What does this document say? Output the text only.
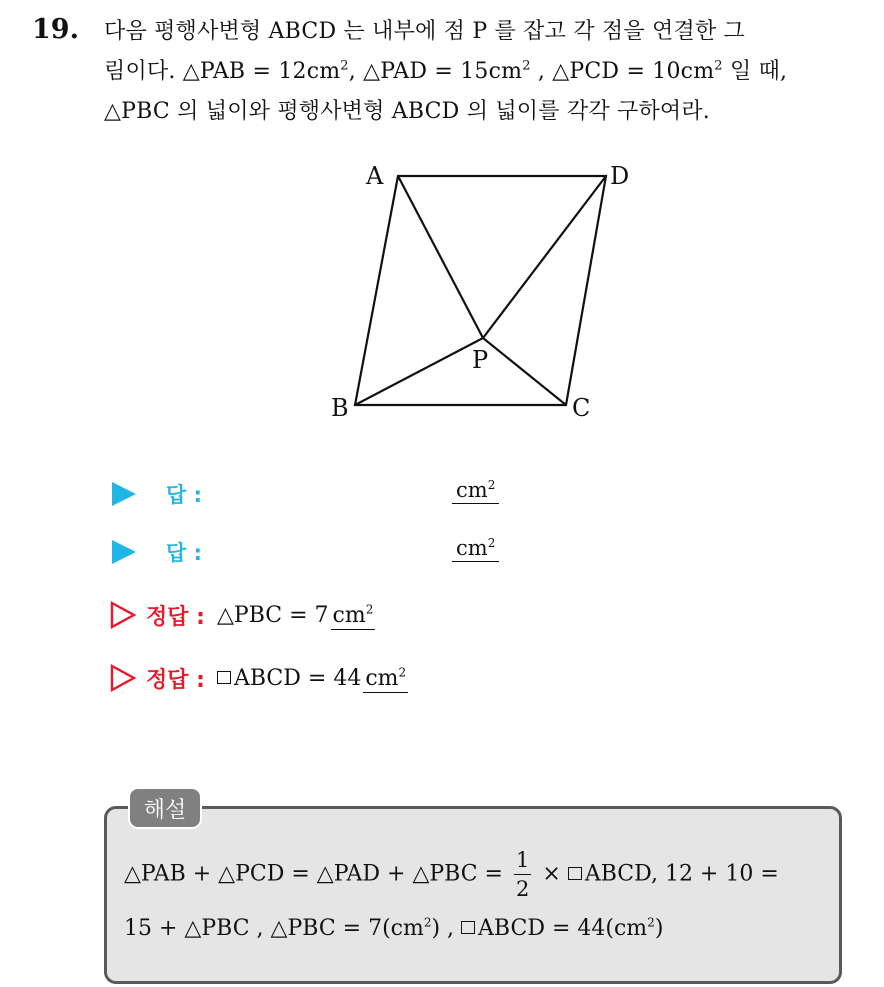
19. 다음 평행사변형 ABCD 는 내부에 점 P 를 잡고 각 점을 연결한 그
림이다. △PAB = $12cm^2$, △PAD = $15cm^2$ , △PCD = $10cm^2$ 일 때,
△PBC 의 넓이와 평행사변형 ABCD 의 넓이를 각각 구하여라.
A	D
B	C
P
답 :	$cm^2$
답 :	$cm^2$
정답 : △PBC = 7 $cm^2$
정답 :	ABCD = 44 $cm^2$
해설
△PAB + △PCD = △PAD + △PBC = $\frac{1}{2}$ × ABCD, 12 + 10 =
15 + △PBC , △PBC = $7(cm^2)$ , ABCD = $44(cm^2)$
